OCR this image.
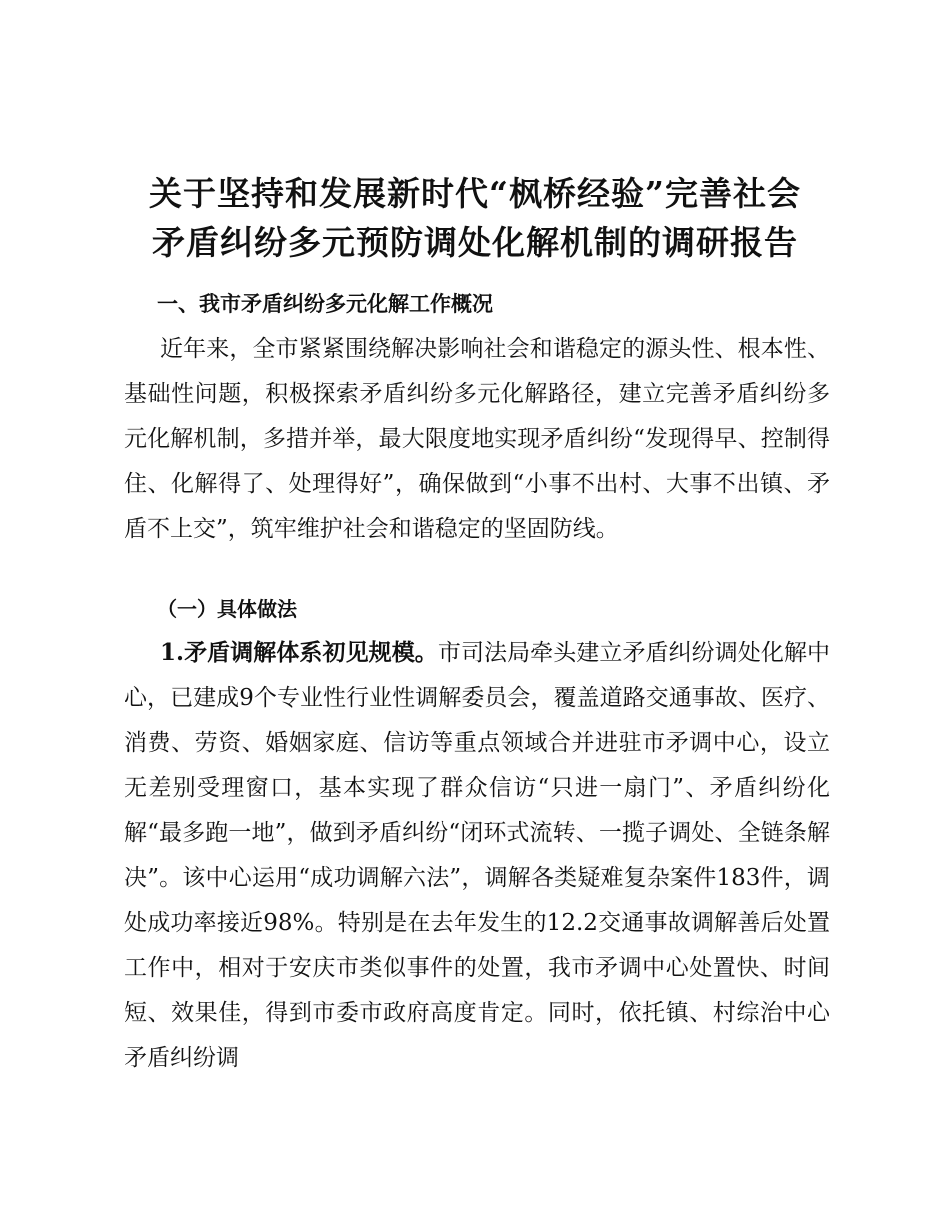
关于坚持和发展新时代“枫桥经验”完善社会
矛盾纠纷多元预防调处化解机制的调研报告
一、我市矛盾纠纷多元化解工作概况

近年来，全市紧紧围绕解决影响社会和谐稳定的源头性、根本性、基础性问题，积极探索矛盾纠纷多元化解路径，建立完善矛盾纠纷多元化解机制，多措并举，最大限度地实现矛盾纠纷“发现得早、控制得住、化解得了、处理得好”，确保做到“小事不出村、大事不出镇、矛盾不上交”，筑牢维护社会和谐稳定的坚固防线。

（一）具体做法

1.矛盾调解体系初见规模。市司法局牵头建立矛盾纠纷调处化解中心，已建成9个专业性行业性调解委员会，覆盖道路交通事故、医疗、消费、劳资、婚姻家庭、信访等重点领域合并进驻市矛调中心，设立无差别受理窗口，基本实现了群众信访“只进一扇门”、矛盾纠纷化解“最多跑一地”，做到矛盾纠纷“闭环式流转、一揽子调处、全链条解决”。该中心运用“成功调解六法”，调解各类疑难复杂案件183件，调处成功率接近98%。特别是在去年发生的12.2交通事故调解善后处置工作中，相对于安庆市类似事件的处置，我市矛调中心处置快、时间短、效果佳，得到市委市政府高度肯定。同时，依托镇、村综治中心矛盾纠纷调
